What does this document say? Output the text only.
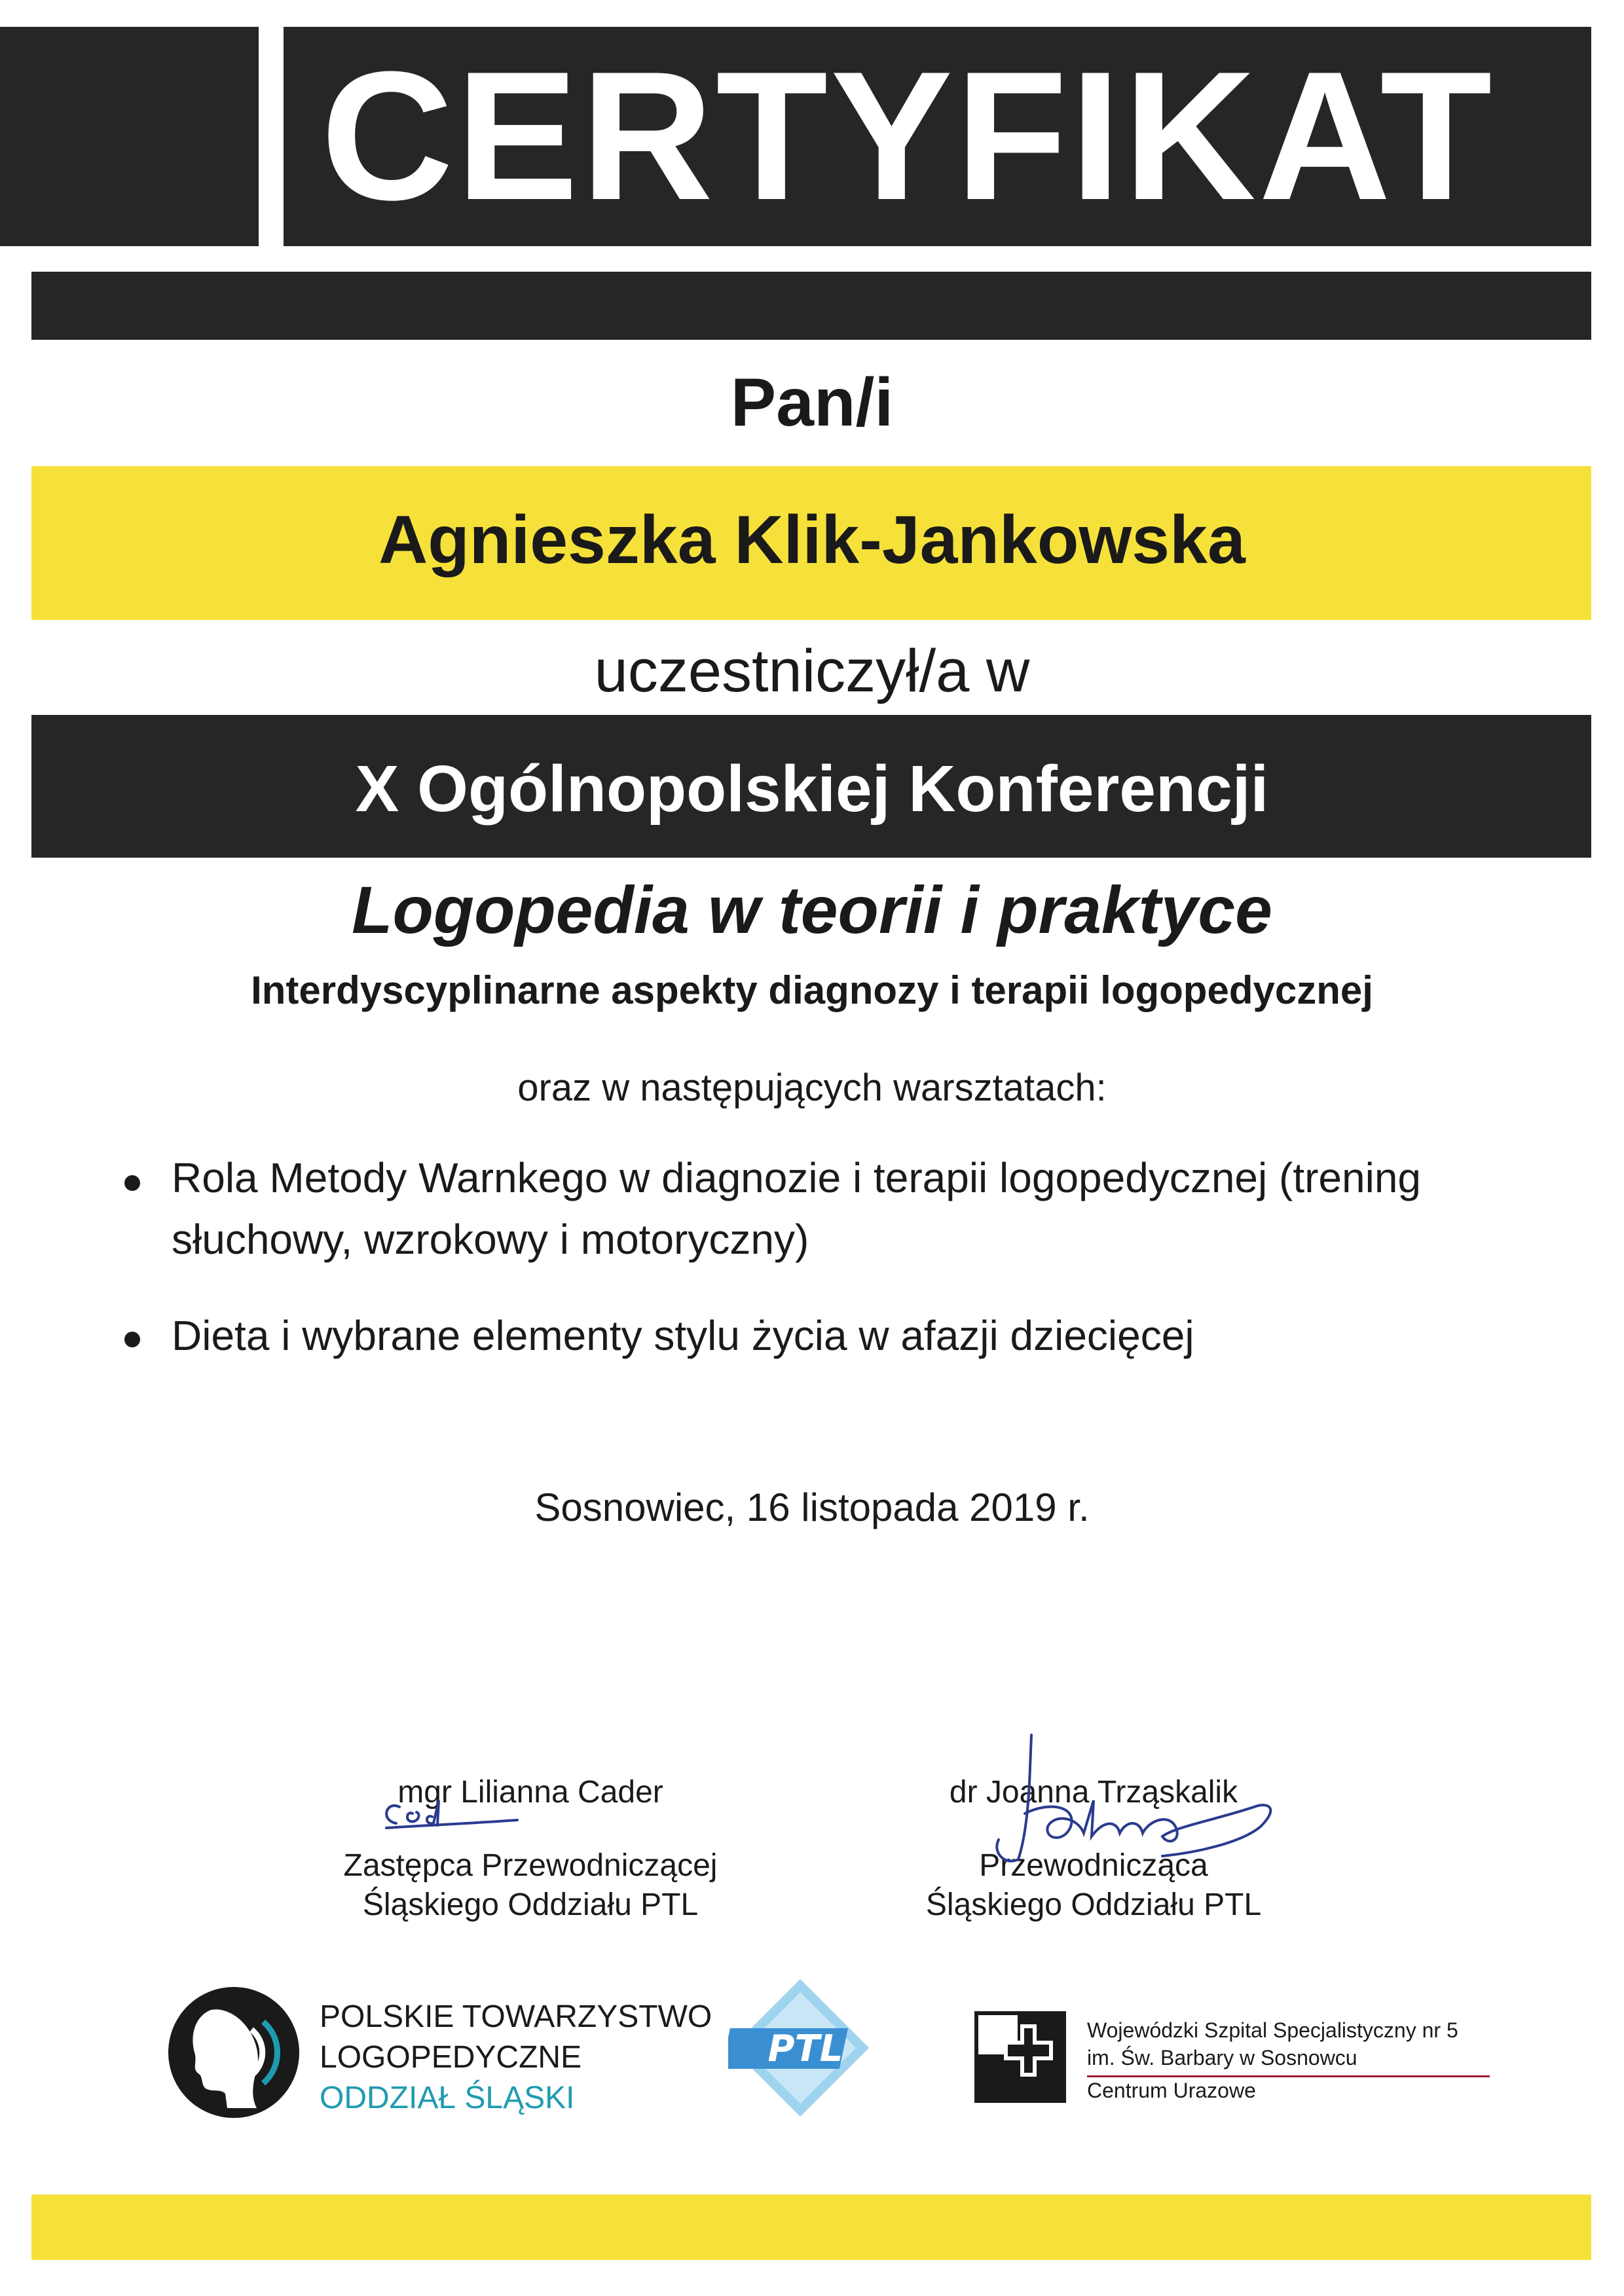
CERTYFIKAT
Pan/i
Agnieszka Klik-Jankowska
uczestniczył/a w
X Ogólnopolskiej Konferencji
Logopedia w teorii i praktyce
Interdyscyplinarne aspekty diagnozy i terapii logopedycznej
oraz w następujących warsztatach:
Rola Metody Warnkego w diagnozie i terapii logopedycznej (trening słuchowy, wzrokowy i motoryczny)
Dieta i wybrane elementy stylu życia w afazji dziecięcej
Sosnowiec, 16 listopada 2019 r.
mgr Lilianna Cader
Zastępca Przewodniczącej
Śląskiego Oddziału PTL
dr Joanna Trząskalik
Przewodnicząca
Śląskiego Oddziału PTL
POLSKIE TOWARZYSTWO
LOGOPEDYCZNE
ODDZIAŁ ŚLĄSKI
PTL	Wojewódzki Szpital Specjalistyczny nr 5
im. Św. Barbary w Sosnowcu
Centrum Urazowe
